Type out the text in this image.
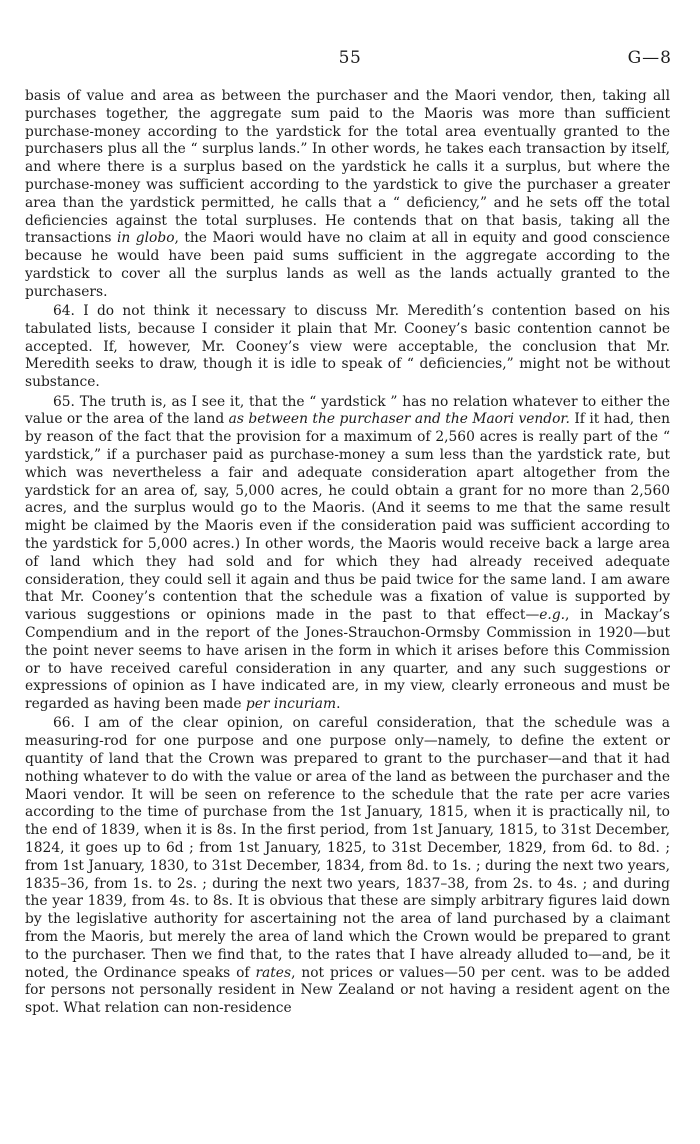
55	G—8

basis of value and area as between the purchaser and the Maori vendor, then, taking all purchases together, the aggregate sum paid to the Maoris was more than sufficient purchase-money according to the yardstick for the total area eventually granted to the purchasers plus all the “ surplus lands.” In other words, he takes each transaction by itself, and where there is a surplus based on the yardstick he calls it a surplus, but where the purchase-money was sufficient according to the yardstick to give the purchaser a greater area than the yardstick permitted, he calls that a “ deficiency,” and he sets off the total deficiencies against the total surpluses. He contends that on that basis, taking all the transactions in globo, the Maori would have no claim at all in equity and good conscience because he would have been paid sums sufficient in the aggregate according to the yardstick to cover all the surplus lands as well as the lands actually granted to the purchasers.

64. I do not think it necessary to discuss Mr. Meredith’s contention based on his tabulated lists, because I consider it plain that Mr. Cooney’s basic contention cannot be accepted. If, however, Mr. Cooney’s view were acceptable, the conclusion that Mr. Meredith seeks to draw, though it is idle to speak of “ deficiencies,” might not be without substance.

65. The truth is, as I see it, that the “ yardstick ” has no relation whatever to either the value or the area of the land as between the purchaser and the Maori vendor. If it had, then by reason of the fact that the provision for a maximum of 2,560 acres is really part of the “ yardstick,” if a purchaser paid as purchase-money a sum less than the yardstick rate, but which was nevertheless a fair and adequate consideration apart altogether from the yardstick for an area of, say, 5,000 acres, he could obtain a grant for no more than 2,560 acres, and the surplus would go to the Maoris. (And it seems to me that the same result might be claimed by the Maoris even if the consideration paid was sufficient according to the yardstick for 5,000 acres.) In other words, the Maoris would receive back a large area of land which they had sold and for which they had already received adequate consideration, they could sell it again and thus be paid twice for the same land. I am aware that Mr. Cooney’s contention that the schedule was a fixation of value is supported by various suggestions or opinions made in the past to that effect—e.g., in Mackay’s Compendium and in the report of the Jones-Strauchon-Ormsby Commission in 1920—but the point never seems to have arisen in the form in which it arises before this Commission or to have received careful consideration in any quarter, and any such suggestions or expressions of opinion as I have indicated are, in my view, clearly erroneous and must be regarded as having been made per incuriam.

66. I am of the clear opinion, on careful consideration, that the schedule was a measuring-rod for one purpose and one purpose only—namely, to define the extent or quantity of land that the Crown was prepared to grant to the purchaser—and that it had nothing whatever to do with the value or area of the land as between the purchaser and the Maori vendor. It will be seen on reference to the schedule that the rate per acre varies according to the time of purchase from the 1st January, 1815, when it is practically nil, to the end of 1839, when it is 8s. In the first period, from 1st January, 1815, to 31st December, 1824, it goes up to 6d ; from 1st January, 1825, to 31st December, 1829, from 6d. to 8d. ; from 1st January, 1830, to 31st December, 1834, from 8d. to 1s. ; during the next two years, 1835–36, from 1s. to 2s. ; during the next two years, 1837–38, from 2s. to 4s. ; and during the year 1839, from 4s. to 8s. It is obvious that these are simply arbitrary figures laid down by the legislative authority for ascertaining not the area of land purchased by a claimant from the Maoris, but merely the area of land which the Crown would be prepared to grant to the purchaser. Then we find that, to the rates that I have already alluded to—and, be it noted, the Ordinance speaks of rates, not prices or values—50 per cent. was to be added for persons not personally resident in New Zealand or not having a resident agent on the spot. What relation can non-residence
